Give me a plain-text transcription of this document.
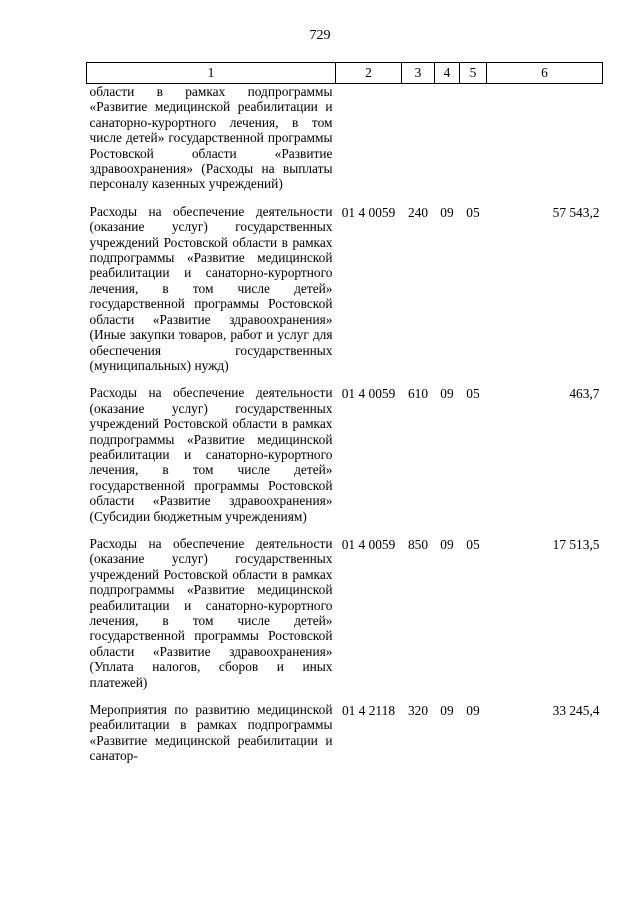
729
1	2	3	4	5	6
области в рамках подпрограммы «Развитие медицинской реабилитации и санаторно-курортного лечения, в том числе детей» государственной программы Ростовской области «Развитие здравоохранения» (Расходы на выплаты персоналу казенных учреждений)					
Расходы на обеспечение деятельности (оказание услуг) государственных учреждений Ростовской области в рамках подпрограммы «Развитие медицинской реабилитации и санаторно-курортного лечения, в том числе детей» государственной программы Ростовской области «Развитие здравоохранения» (Иные закупки товаров, работ и услуг для обеспечения государственных (муниципальных) нужд)	01 4 0059	240	09	05	57 543,2
Расходы на обеспечение деятельности (оказание услуг) государственных учреждений Ростовской области в рамках подпрограммы «Развитие медицинской реабилитации и санаторно-курортного лечения, в том числе детей» государственной программы Ростовской области «Развитие здравоохранения» (Субсидии бюджетным учреждениям)	01 4 0059	610	09	05	463,7
Расходы на обеспечение деятельности (оказание услуг) государственных учреждений Ростовской области в рамках подпрограммы «Развитие медицинской реабилитации и санаторно-курортного лечения, в том числе детей» государственной программы Ростовской области «Развитие здравоохранения» (Уплата налогов, сборов и иных платежей)	01 4 0059	850	09	05	17 513,5
Мероприятия по развитию медицинской реабилитации в рамках подпрограммы «Развитие медицинской реабилитации и санатор-	01 4 2118	320	09	09	33 245,4
